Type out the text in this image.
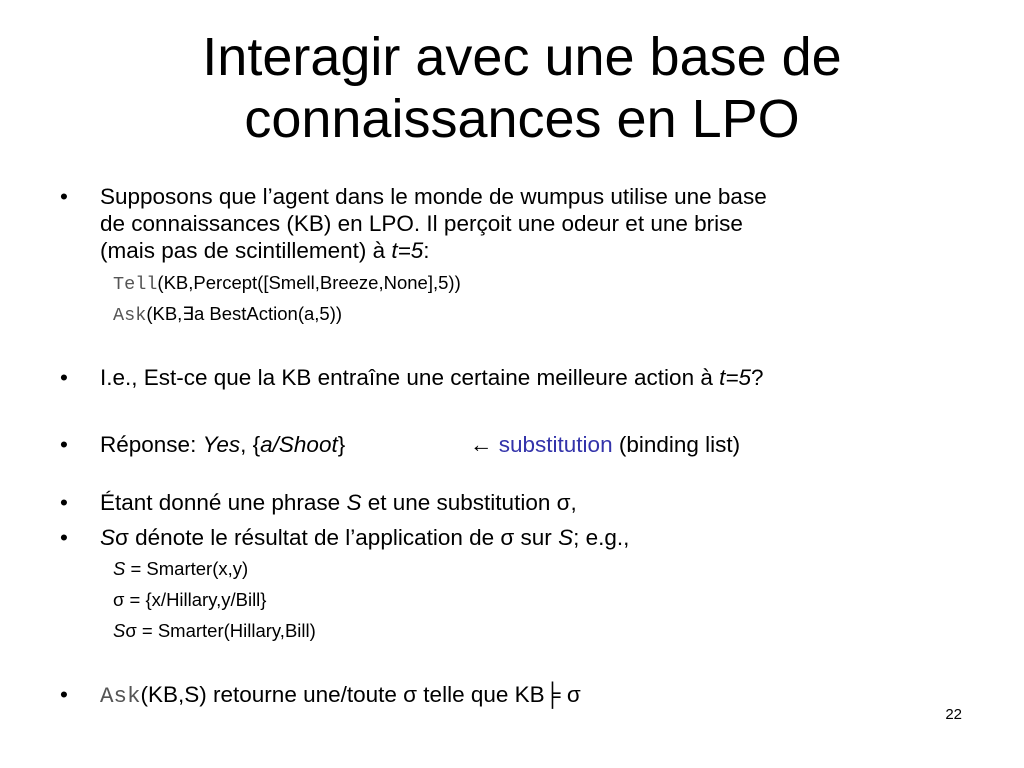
Interagir avec une base de
connaissances en LPO
• Supposons que l’agent dans le monde de wumpus utilise une base
de connaissances (KB) en LPO. Il perçoit une odeur et une brise
(mais pas de scintillement) à t=5:
Tell(KB,Percept([Smell,Breeze,None],5))
Ask(KB,∃a BestAction(a,5))
• I.e., Est-ce que la KB entraîne une certaine meilleure action à t=5?
• Réponse: Yes, {a/Shoot}	← substitution (binding list)
• Étant donné une phrase S et une substitution σ,
• Sσ dénote le résultat de l’application de σ sur S; e.g.,
S = Smarter(x,y)
σ = {x/Hillary,y/Bill}
Sσ = Smarter(Hillary,Bill)
• Ask(KB,S) retourne une/toute σ telle que KB╞ σ
22
